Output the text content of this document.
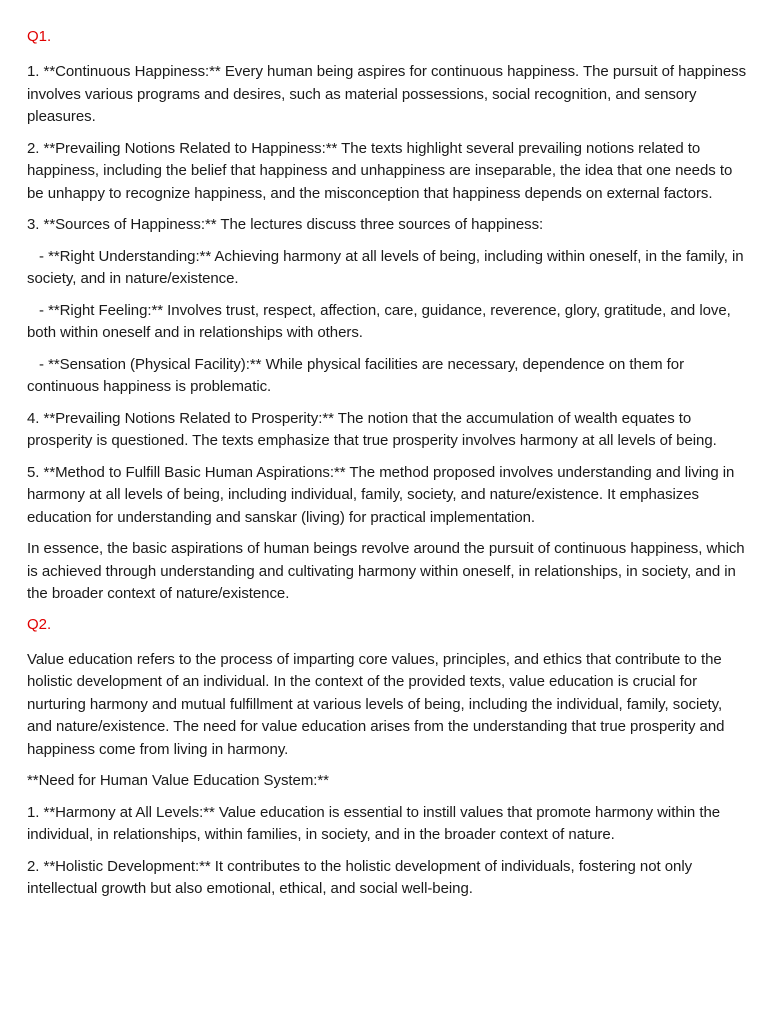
Q1.

1. **Continuous Happiness:** Every human being aspires for continuous happiness. The pursuit of happiness involves various programs and desires, such as material possessions, social recognition, and sensory pleasures.

2. **Prevailing Notions Related to Happiness:** The texts highlight several prevailing notions related to happiness, including the belief that happiness and unhappiness are inseparable, the idea that one needs to be unhappy to recognize happiness, and the misconception that happiness depends on external factors.

3. **Sources of Happiness:** The lectures discuss three sources of happiness:

- **Right Understanding:** Achieving harmony at all levels of being, including within oneself, in the family, in society, and in nature/existence.

- **Right Feeling:** Involves trust, respect, affection, care, guidance, reverence, glory, gratitude, and love, both within oneself and in relationships with others.

- **Sensation (Physical Facility):** While physical facilities are necessary, dependence on them for continuous happiness is problematic.

4. **Prevailing Notions Related to Prosperity:** The notion that the accumulation of wealth equates to prosperity is questioned. The texts emphasize that true prosperity involves harmony at all levels of being.

5. **Method to Fulfill Basic Human Aspirations:** The method proposed involves understanding and living in harmony at all levels of being, including individual, family, society, and nature/existence. It emphasizes education for understanding and sanskar (living) for practical implementation.

In essence, the basic aspirations of human beings revolve around the pursuit of continuous happiness, which is achieved through understanding and cultivating harmony within oneself, in relationships, in society, and in the broader context of nature/existence.

Q2.

Value education refers to the process of imparting core values, principles, and ethics that contribute to the holistic development of an individual. In the context of the provided texts, value education is crucial for nurturing harmony and mutual fulfillment at various levels of being, including the individual, family, society, and nature/existence. The need for value education arises from the understanding that true prosperity and happiness come from living in harmony.

**Need for Human Value Education System:**

1. **Harmony at All Levels:** Value education is essential to instill values that promote harmony within the individual, in relationships, within families, in society, and in the broader context of nature.

2. **Holistic Development:** It contributes to the holistic development of individuals, fostering not only intellectual growth but also emotional, ethical, and social well-being.
